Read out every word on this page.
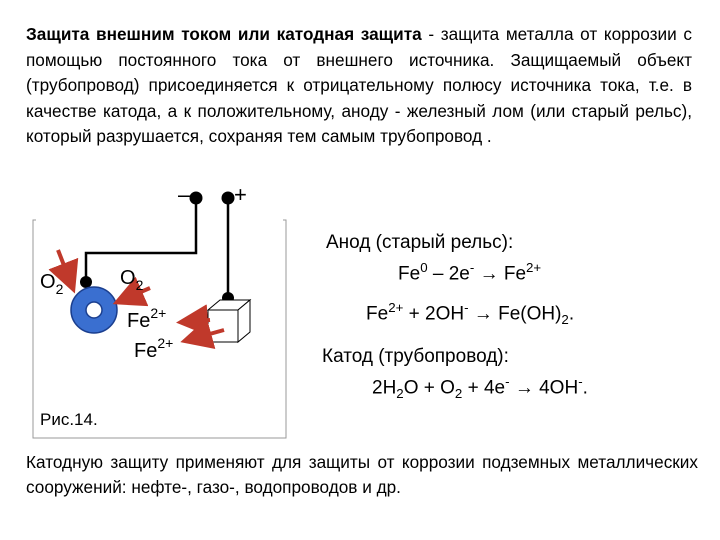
Защита внешним током или катодная защита - защита металла от коррозии с помощью постоянного тока от внешнего источника. Защищаемый объект (трубопровод) присоединяется к отрицательному полюсу источника тока, т.е. в качестве катода, а к положительному, аноду - железный лом (или старый рельс), который разрушается, сохраняя тем самым трубопровод .

– +
$O_2$	$O_2$
$Fe^{2+}$
$Fe^{2+}$
Анод (старый рельс):
$Fe^0 - 2e^- \to Fe^{2+}$
$Fe^{2+} + 2OH^- \to Fe(OH)_2$.
Катод (трубопровод):
$2H_2O + O_2 + 4e^- \to 4OH^-$.
Рис.14.

Катодную защиту применяют для защиты от коррозии подземных металлических сооружений: нефте-, газо-, водопроводов и др.
